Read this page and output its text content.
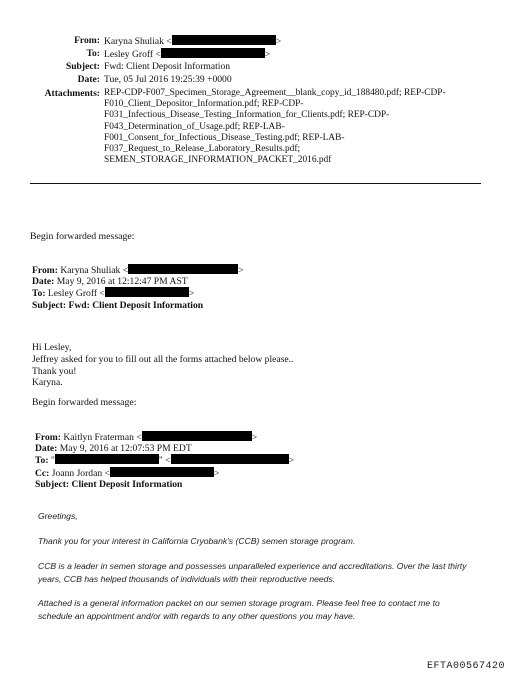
From: Karyna Shuliak <	>
To: Lesley Groff <	>
Subject: Fwd: Client Deposit Information
Date: Tue, 05 Jul 2016 19:25:39 +0000
Attachments: REP-CDP-F007_Specimen_Storage_Agreement__blank_copy_id_188480.pdf; REP-CDP-
F010_Client_Depositor_Information.pdf; REP-CDP-
F031_Infectious_Disease_Testing_Information_for_Clients.pdf; REP-CDP-
F043_Determination_of_Usage.pdf; REP-LAB-
F001_Consent_for_Infectious_Disease_Testing.pdf; REP-LAB-
F037_Request_to_Release_Laboratory_Results.pdf;
SEMEN_STORAGE_INFORMATION_PACKET_2016.pdf
Begin forwarded message:
From: Karyna Shuliak <	>
Date: May 9, 2016 at 12:12:47 PM AST
To: Lesley Groff <	>
Subject: Fwd: Client Deposit Information
Hi Lesley,
Jeffrey asked for you to fill out all the forms attached below please..
Thank you!
Karyna.
Begin forwarded message:
From: Kaitlyn Fraterman <	>
Date: May 9, 2016 at 12:07:53 PM EDT
To: "	" <	>
Cc: Joann Jordan <	>
Subject: Client Deposit Information
Greetings,
Thank you for your interest in California Cryobank's (CCB) semen storage program.
CCB is a leader in semen storage and possesses unparalleled experience and accreditations. Over the last thirty
years, CCB has helped thousands of individuals with their reproductive needs.
Attached is a general information packet on our semen storage program. Please feel free to contact me to
schedule an appointment and/or with regards to any other questions you may have.
EFTA00567420
